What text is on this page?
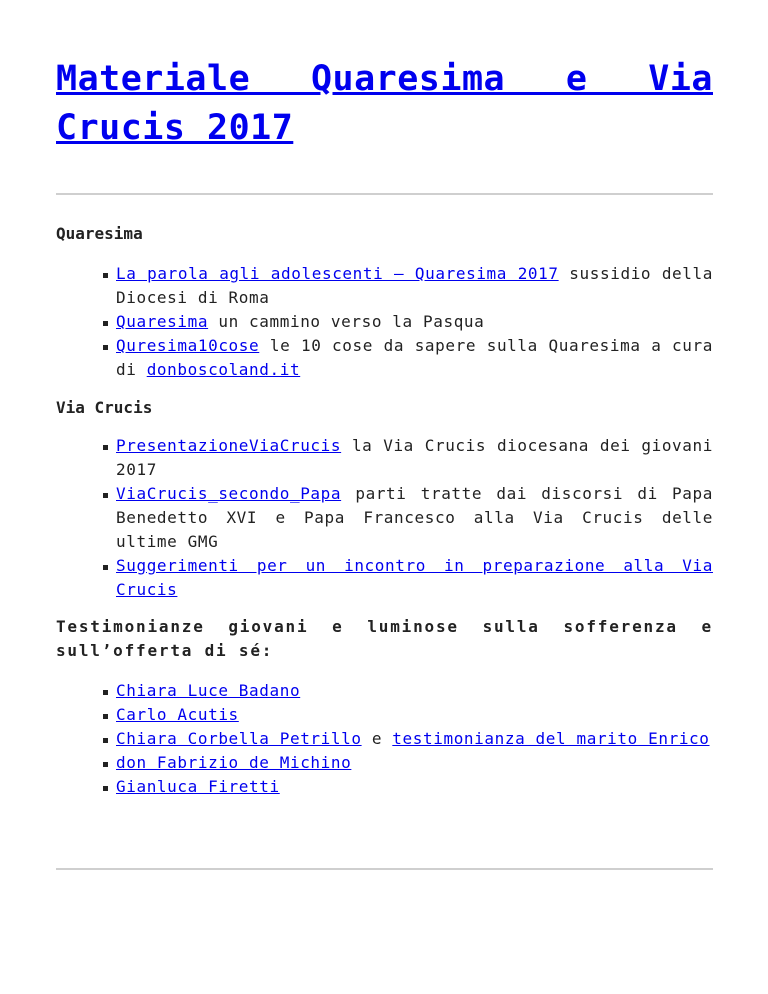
Materiale Quaresima e Via Crucis 2017

Quaresima

La parola agli adolescenti – Quaresima 2017 sussidio della Diocesi di Roma
Quaresima un cammino verso la Pasqua
Quresima10cose le 10 cose da sapere sulla Quaresima a cura di donboscoland.it

Via Crucis

PresentazioneViaCrucis la Via Crucis diocesana dei giovani 2017
ViaCrucis_secondo_Papa parti tratte dai discorsi di Papa Benedetto XVI e Papa Francesco alla Via Crucis delle ultime GMG
Suggerimenti per un incontro in preparazione alla Via Crucis

Testimonianze giovani e luminose sulla sofferenza e sull’offerta di sé:

Chiara Luce Badano
Carlo Acutis
Chiara Corbella Petrillo e testimonianza del marito Enrico
don Fabrizio de Michino
Gianluca Firetti
